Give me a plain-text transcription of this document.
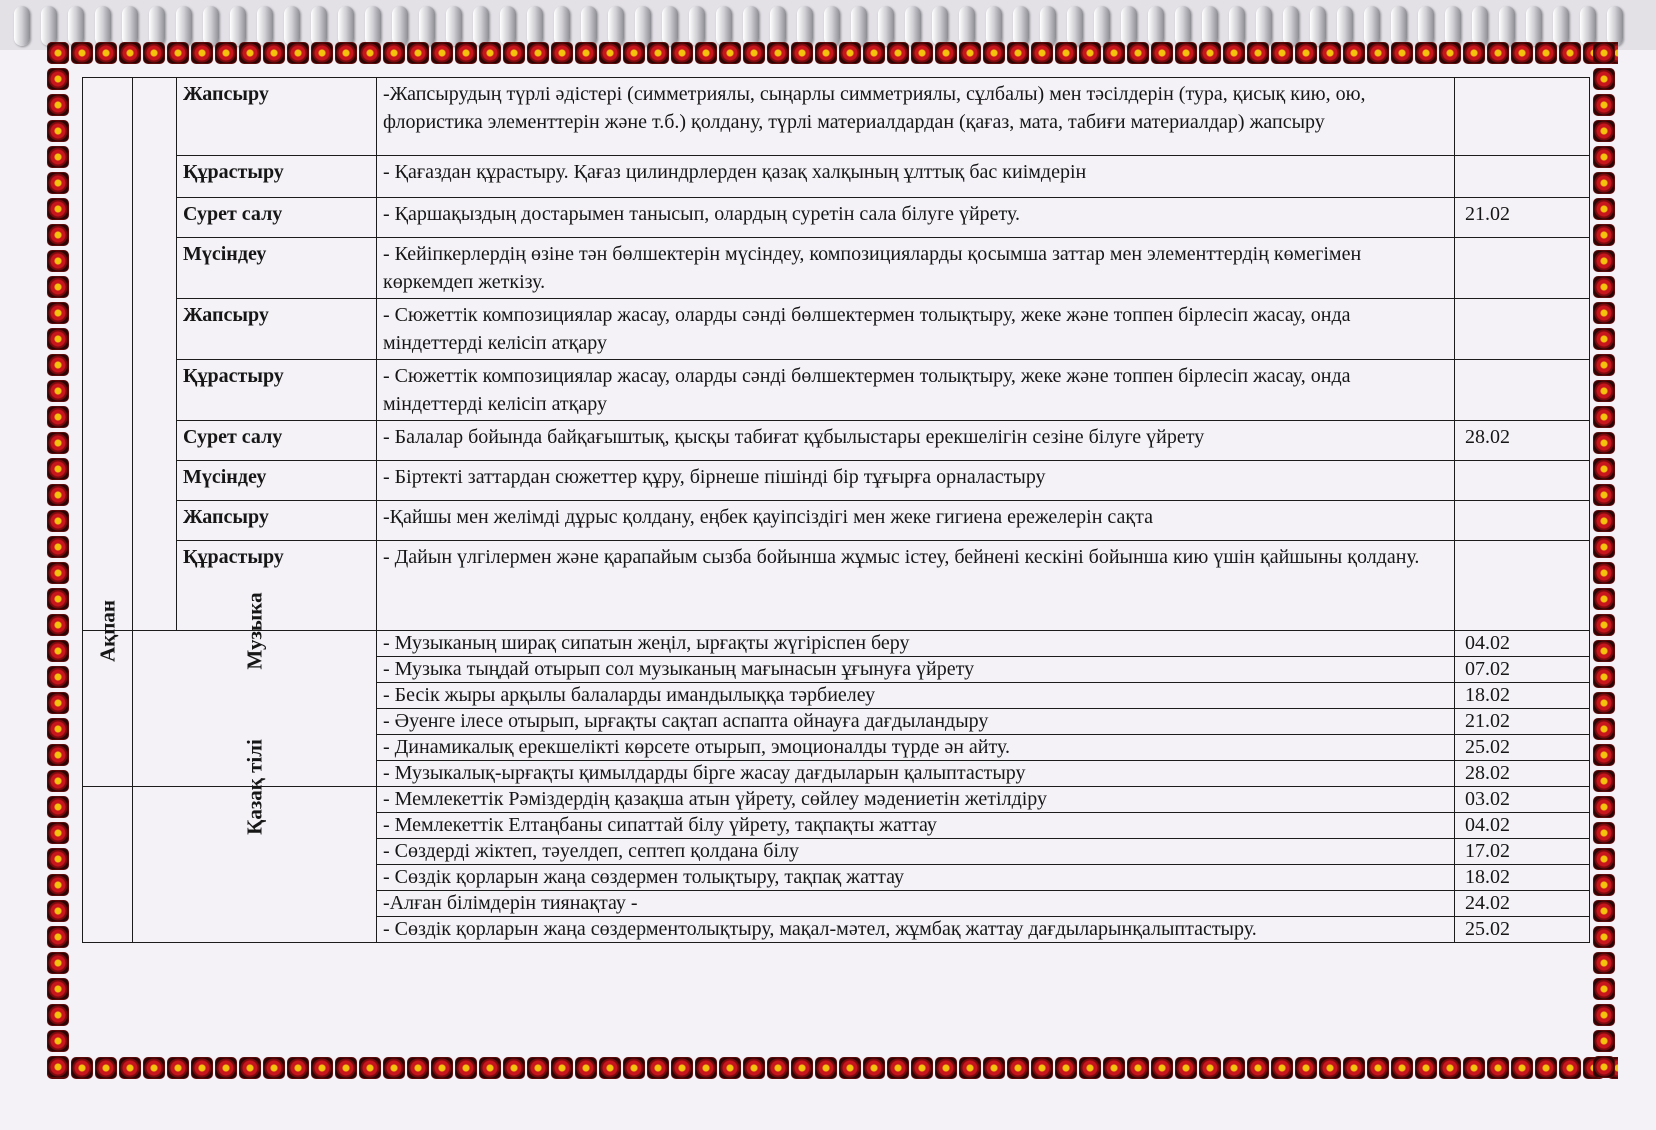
		Жапсыру	-Жапсырудың түрлі әдістері (симметриялы, сыңарлы симметриялы, сұлбалы) мен тәсілдерін (тура, қисық кию, ою, флористика элементтерін және т.б.) қолдану, түрлі материалдардан (қағаз, мата, табиғи материалдар) жапсыру	
		Құрастыру	- Қағаздан құрастыру. Қағаз цилиндрлерден қазақ халқының ұлттық бас киімдерін	
		Сурет салу	- Қаршақыздың достарымен танысып, олардың суретін сала білуге үйрету.	21.02
		Мүсіндеу	- Кейіпкерлердің өзіне тән бөлшектерін мүсіндеу, композицияларды қосымша заттар мен элементтердің көмегімен көркемдеп жеткізу.	
		Жапсыру	- Сюжеттік композициялар жасау, оларды сәнді бөлшектермен толықтыру, жеке және топпен бірлесіп жасау, онда міндеттерді келісіп атқару	
		Құрастыру	- Сюжеттік композициялар жасау, оларды сәнді бөлшектермен толықтыру, жеке және топпен бірлесіп жасау, онда міндеттерді келісіп атқару	
		Сурет салу	- Балалар бойында байқағыштық, қысқы табиғат құбылыстары ерекшелігін сезіне білуге үйрету	28.02
		Мүсіндеу	- Біртекті заттардан сюжеттер құру, бірнеше пішінді бір тұғырға орналастыру	
		Жапсыру	-Қайшы мен желімді дұрыс қолдану, еңбек қауіпсіздігі мен жеке гигиена ережелерін сақта	
		Құрастыру	- Дайын үлгілермен және қарапайым сызба бойынша жұмыс істеу, бейнені кескіні бойынша кию үшін қайшыны қолдану.	

Ақпан	Музыка		- Музыканың ширақ сипатын жеңіл, ырғақты жүгіріспен беру	04.02
			- Музыка тыңдай отырып сол музыканың мағынасын ұғынуға үйрету	07.02
			- Бесік жыры арқылы балаларды имандылыққа тәрбиелеу	18.02
			- Әуенге ілесе отырып, ырғақты сақтап аспапта ойнауға дағдыландыру	21.02
			- Динамикалық ерекшелікті көрсете отырып, эмоционалды түрде ән айту.	25.02
			- Музыкалық-ырғақты қимылдарды бірге жасау дағдыларын қалыптастыру	28.02

	Қазақ тілі		- Мемлекеттік Рәміздердің қазақша атын үйрету, сөйлеу мәдениетін жетілдіру	03.02
			- Мемлекеттік Елтаңбаны сипаттай білу үйрету, тақпақты жаттау	04.02
			- Сөздерді жіктеп, тәуелдеп, септеп қолдана білу	17.02
			- Сөздік қорларын жаңа сөздермен толықтыру, тақпақ жаттау	18.02
			-Алған білімдерін тиянақтау -	24.02
			- Сөздік қорларын жаңа сөздерментолықтыру, мақал-мәтел, жұмбақ жаттау дағдыларынқалыптастыру.	25.02
